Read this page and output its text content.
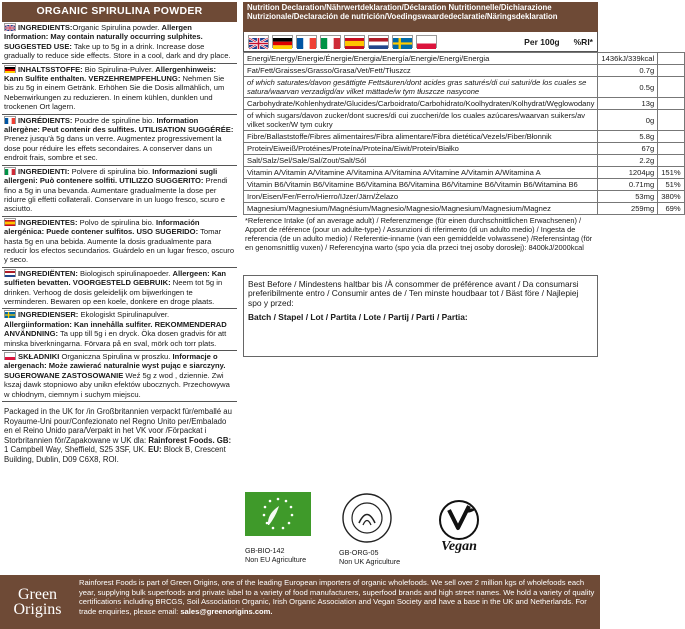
ORGANIC SPIRULINA POWDER
INGREDIENTS:Organic Spirulina powder. Allergen Information: May contain naturally occurring sulphites. SUGGESTED USE: Take up to 5g in a drink. Increase dose gradually to reduce side effects. Store in a cool, dark and dry place.
INHALTSSTOFFE: Bio Spirulina-Pulver. Allergenhinweis: Kann Sulfite enthalten. VERZEHREMPFEHLUNG: Nehmen Sie bis zu 5g in einem Getränk. Erhöhen Sie die Dosis allmählich, um Nebenwirkungen zu reduzieren. In einem kühlen, dunklen und trockenen Ort lagern.
INGRÉDIENTS: Poudre de spiruline bio. Information allergène: Peut contenir des sulfites. UTILISATION SUGGÉRÉE: Prenez jusqu'à 5g dans un verre. Augmentez progressivement la dose pour réduire les effets secondaires. A conserver dans un endroit frais, sombre et sec.
INGREDIENTI: Polvere di spirulina bio. Informazioni sugli allergeni: Può contenere solfiti. UTILIZZO SUGGERITO: Prendi fino a 5g in una bevanda. Aumentare gradualmente la dose per ridurre gli effetti collaterali. Conservare in un luogo fresco, scuro e asciutto.
INGREDIENTES: Polvo de spirulina bio. Información alergénica: Puede contener sulfitos. USO SUGERIDO: Tomar hasta 5g en una bebida. Aumente la dosis gradualmente para reducir los efectos secundarios. Guárdelo en un lugar fresco, oscuro y seco.
INGREDIËNTEN: Biologisch spirulinapoeder. Allergeen: Kan sulfieten bevatten. VOORGESTELD GEBRUIK: Neem tot 5g in drinken. Verhoog de dosis geleidelijk om bijwerkingen te verminderen. Bewaren op een koele, donkere en droge plaats.
INGREDIENSER: Ekologiskt Spirulinapulver. Allergiinformation: Kan innehålla sulfiter. REKOMMENDERAD ANVÄNDNING: Ta upp till 5g i en dryck. Öka dosen gradvis för att minska biverkningarna. Förvara på en sval, mörk och torr plats.
SKŁADNIKI Organiczna Spirulina w proszku. Informacje o alergenach: Może zawierać naturalnie wyst pując e siarczyny. SUGEROWANE ZASTOSOWANIE Weź 5g z wod , dziennie. Zwi kszaj dawk stopniowo aby unikn efektów ubocznych. Przechowywa w chłodnym, ciemnym i suchym miejscu.
Packaged in the UK for /in Großbritannien verpackt für/emballé au Royaume-Uni pour/Confezionato nel Regno Unito per/Embalado en el Reino Unido para/Verpakt in het VK voor /Förpackat i Storbritannien för/Zapakowane w UK dla: Rainforest Foods. GB: 1 Campbell Way, Sheffield, S25 3SF, UK. EU: Block B, Crescent Building, Dublin, D09 C6X8, ROI.
Nutrition Declaration/Nährwertdeklaration/Déclaration Nutritionnelle/Dichiarazione Nutrizionale/Declaración de nutrición/Voedingswaardedeclaratie/Näringsdeklaration
Per 100g %RI*
Energi/Energy/Energie/Énergie/Energia/Energía/Energie/Energi/Energia	1436kJ/339kcal	
Fat/Fett/Graisses/Grasso/Grasa/Vet/Fett/Tłuszcz	0.7g	
of which saturates/davon gesättigte Fettsäuren/dont acides gras saturés/di cui saturi/de los cuales se satura/waarvan verzadigd/av vilket mättade/w tym tłuszcze nasycone	0.5g	
Carbohydrate/Kohlenhydrate/Glucides/Carboidrato/Carbohidrato/Koolhydraten/Kolhydrat/Węglowodany	13g	
of which sugars/davon zucker/dont sucres/di cui zuccheri/de los cuales azúcares/waarvan suikers/av vilket socker/W tym cukry	0g	
Fibre/Ballaststoffe/Fibres alimentaires/Fibra alimentare/Fibra dietética/Vezels/Fiber/Błonnik	5.8g	
Protein/Eiweiß/Protéines/Proteína/Proteína/Eiwit/Protein/Białko	67g	
Salt/Salz/Sel/Sale/Sal/Zout/Salt/Sól	2.2g	
Vitamin A/Vitamin A/Vitamine A/Vitamina A/Vitamina A/Vitamine A/Vitamin A/Witamina A	1204μg	151%
Vitamin B6/Vitamin B6/Vitamine B6/Vitamina B6/Vitamina B6/Vitamine B6/Vitamin B6/Witamina B6	0.71mg	51%
Iron/Eisen/Fer/Ferro/Hierro/IJzer/Järn/Żelazo	53mg	380%
Magnesium/Magnesium/Magnésium/Magnesio/Magnesio/Magnesium/Magnesium/Magnez	259mg	69%
*Reference Intake (of an average adult) / Referenzmenge (für einen durchschnittlichen Erwachsenen) / Apport de référence (pour un adulte-type) / Assunzioni di riferimento (di un adulto medio) / Ingesta de referencia (de un adulto medio) / Referentie-inname (van een gemiddelde volwassene) /Referensintag (för en genomsnittlig vuxen) / Referencyjna warto (spo ycia dla przeci tnej osoby dorosłej): 8400kJ/2000kcal
Best Before / Mindestens haltbar bis /À consommer de préférence avant / Da consumarsi preferibilmente entro / Consumir antes de / Ten minste houdbaar tot / Bäst före / Najlepiej spo y przed:
Batch / Stapel / Lot / Partita / Lote / Partij / Parti / Partia:
GB-BIO-142
Non EU Agriculture
GB-ORG-05
Non UK Agriculture
Vegan
Green
Origins
Rainforest Foods is part of Green Origins, one of the leading European importers of organic wholefoods. We sell over 2 million kgs of wholefoods each year, supplying bulk superfoods and private label to a variety of food manufacturers, superfood brands and high street names. We hold a variety of quality certifications including BRCGS, Soil Association Organic, Irish Organic Association and Vegan Society and have a base in the UK and Netherlands. For trade enquiries, please email: sales@greenorigins.com.
